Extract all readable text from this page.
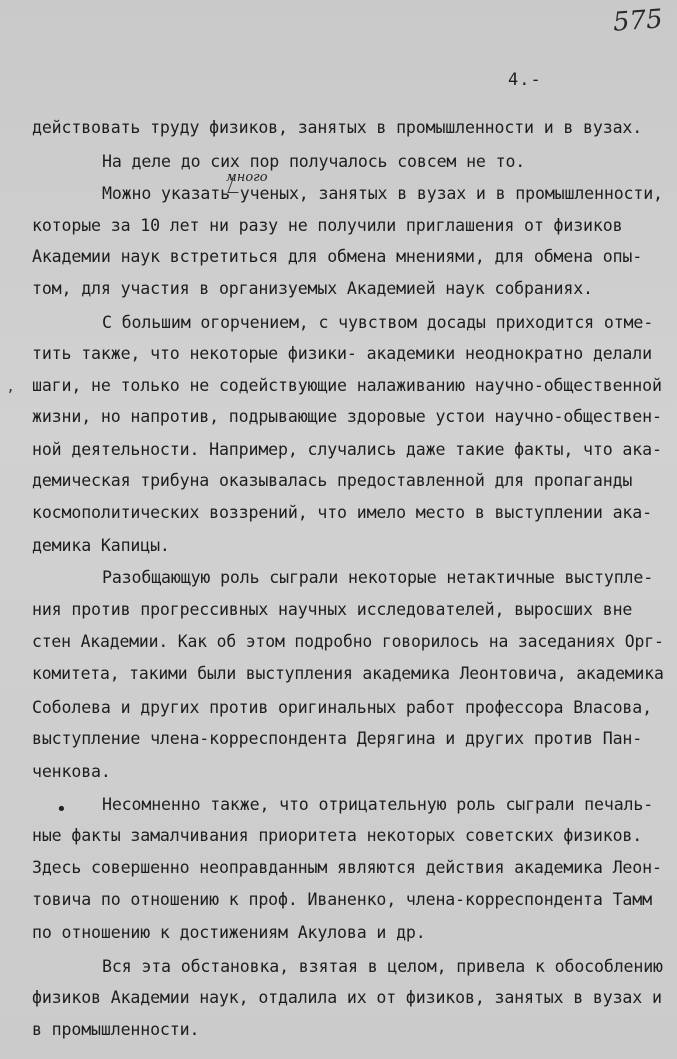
575
4.-
много
’
•
действовать труду физиков, занятых в промышленности и в вузах.
На деле до сих пор получалось совсем не то.
Можно указать ученых, занятых в вузах и в промышленности,
которые за 10 лет ни разу не получили приглашения от физиков
Академии наук встретиться для обмена мнениями, для обмена опы-
том, для участия в организуемых Академией наук собраниях.
С большим огорчением, с чувством досады приходится отме-
тить также, что некоторые физики- академики неоднократно делали
шаги, не только не содействующие налаживанию научно-общественной
жизни, но напротив, подрывающие здоровые устои научно-обществен-
ной деятельности. Например, случались даже такие факты, что ака-
демическая трибуна оказывалась предоставленной для пропаганды
космополитических воззрений, что имело место в выступлении ака-
демика Капицы.
Разобщающую роль сыграли некоторые нетактичные выступле-
ния против прогрессивных научных исследователей, выросших вне
стен Академии. Как об этом подробно говорилось на заседаниях Орг-
комитета, такими были выступления академика Леонтовича, академика
Соболева и других против оригинальных работ профессора Власова,
выступление члена-корреспондента Дерягина и других против Пан-
ченкова.
Несомненно также, что отрицательную роль сыграли печаль-
ные факты замалчивания приоритета некоторых советских физиков.
Здесь совершенно неоправданным являются действия академика Леон-
товича по отношению к проф. Иваненко, члена-корреспондента Тамм
по отношению к достижениям Акулова и др.
Вся эта обстановка, взятая в целом, привела к обособлению
физиков Академии наук, отдалила их от физиков, занятых в вузах и
в промышленности.
